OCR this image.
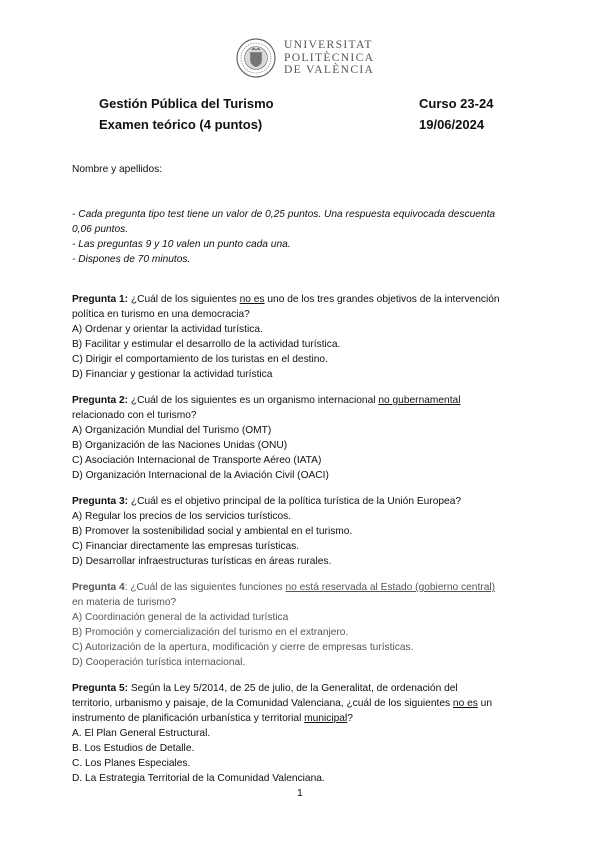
UNIVERSITAT
POLITÈCNICA
DE VALÈNCIA
Gestión Pública del Turismo
Examen teórico (4 puntos)
Curso 23-24
19/06/2024
Nombre y apellidos:
- Cada pregunta tipo test tiene un valor de 0,25 puntos. Una respuesta equivocada descuenta
0,06 puntos.
- Las preguntas 9 y 10 valen un punto cada una.
- Dispones de 70 minutos.
Pregunta 1: ¿Cuál de los siguientes no es uno de los tres grandes objetivos de la intervención
política en turismo en una democracia?
A) Ordenar y orientar la actividad turística.
B) Facilitar y estimular el desarrollo de la actividad turística.
C) Dirigir el comportamiento de los turistas en el destino.
D) Financiar y gestionar la actividad turística
Pregunta 2: ¿Cuál de los siguientes es un organismo internacional no gubernamental
relacionado con el turismo?
A) Organización Mundial del Turismo (OMT)
B) Organización de las Naciones Unidas (ONU)
C) Asociación Internacional de Transporte Aéreo (IATA)
D) Organización Internacional de la Aviación Civil (OACI)
Pregunta 3: ¿Cuál es el objetivo principal de la política turística de la Unión Europea?
A) Regular los precios de los servicios turísticos.
B) Promover la sostenibilidad social y ambiental en el turismo.
C) Financiar directamente las empresas turísticas.
D) Desarrollar infraestructuras turísticas en áreas rurales.
Pregunta 4: ¿Cuál de las siguientes funciones no está reservada al Estado (gobierno central)
en materia de turismo?
A) Coordinación general de la actividad turística
B) Promoción y comercialización del turismo en el extranjero.
C) Autorización de la apertura, modificación y cierre de empresas turísticas.
D) Cooperación turística internacional.
Pregunta 5: Según la Ley 5/2014, de 25 de julio, de la Generalitat, de ordenación del
territorio, urbanismo y paisaje, de la Comunidad Valenciana, ¿cuál de los siguientes no es un
instrumento de planificación urbanística y territorial municipal?
A. El Plan General Estructural.
B. Los Estudios de Detalle.
C. Los Planes Especiales.
D. La Estrategia Territorial de la Comunidad Valenciana.
1
